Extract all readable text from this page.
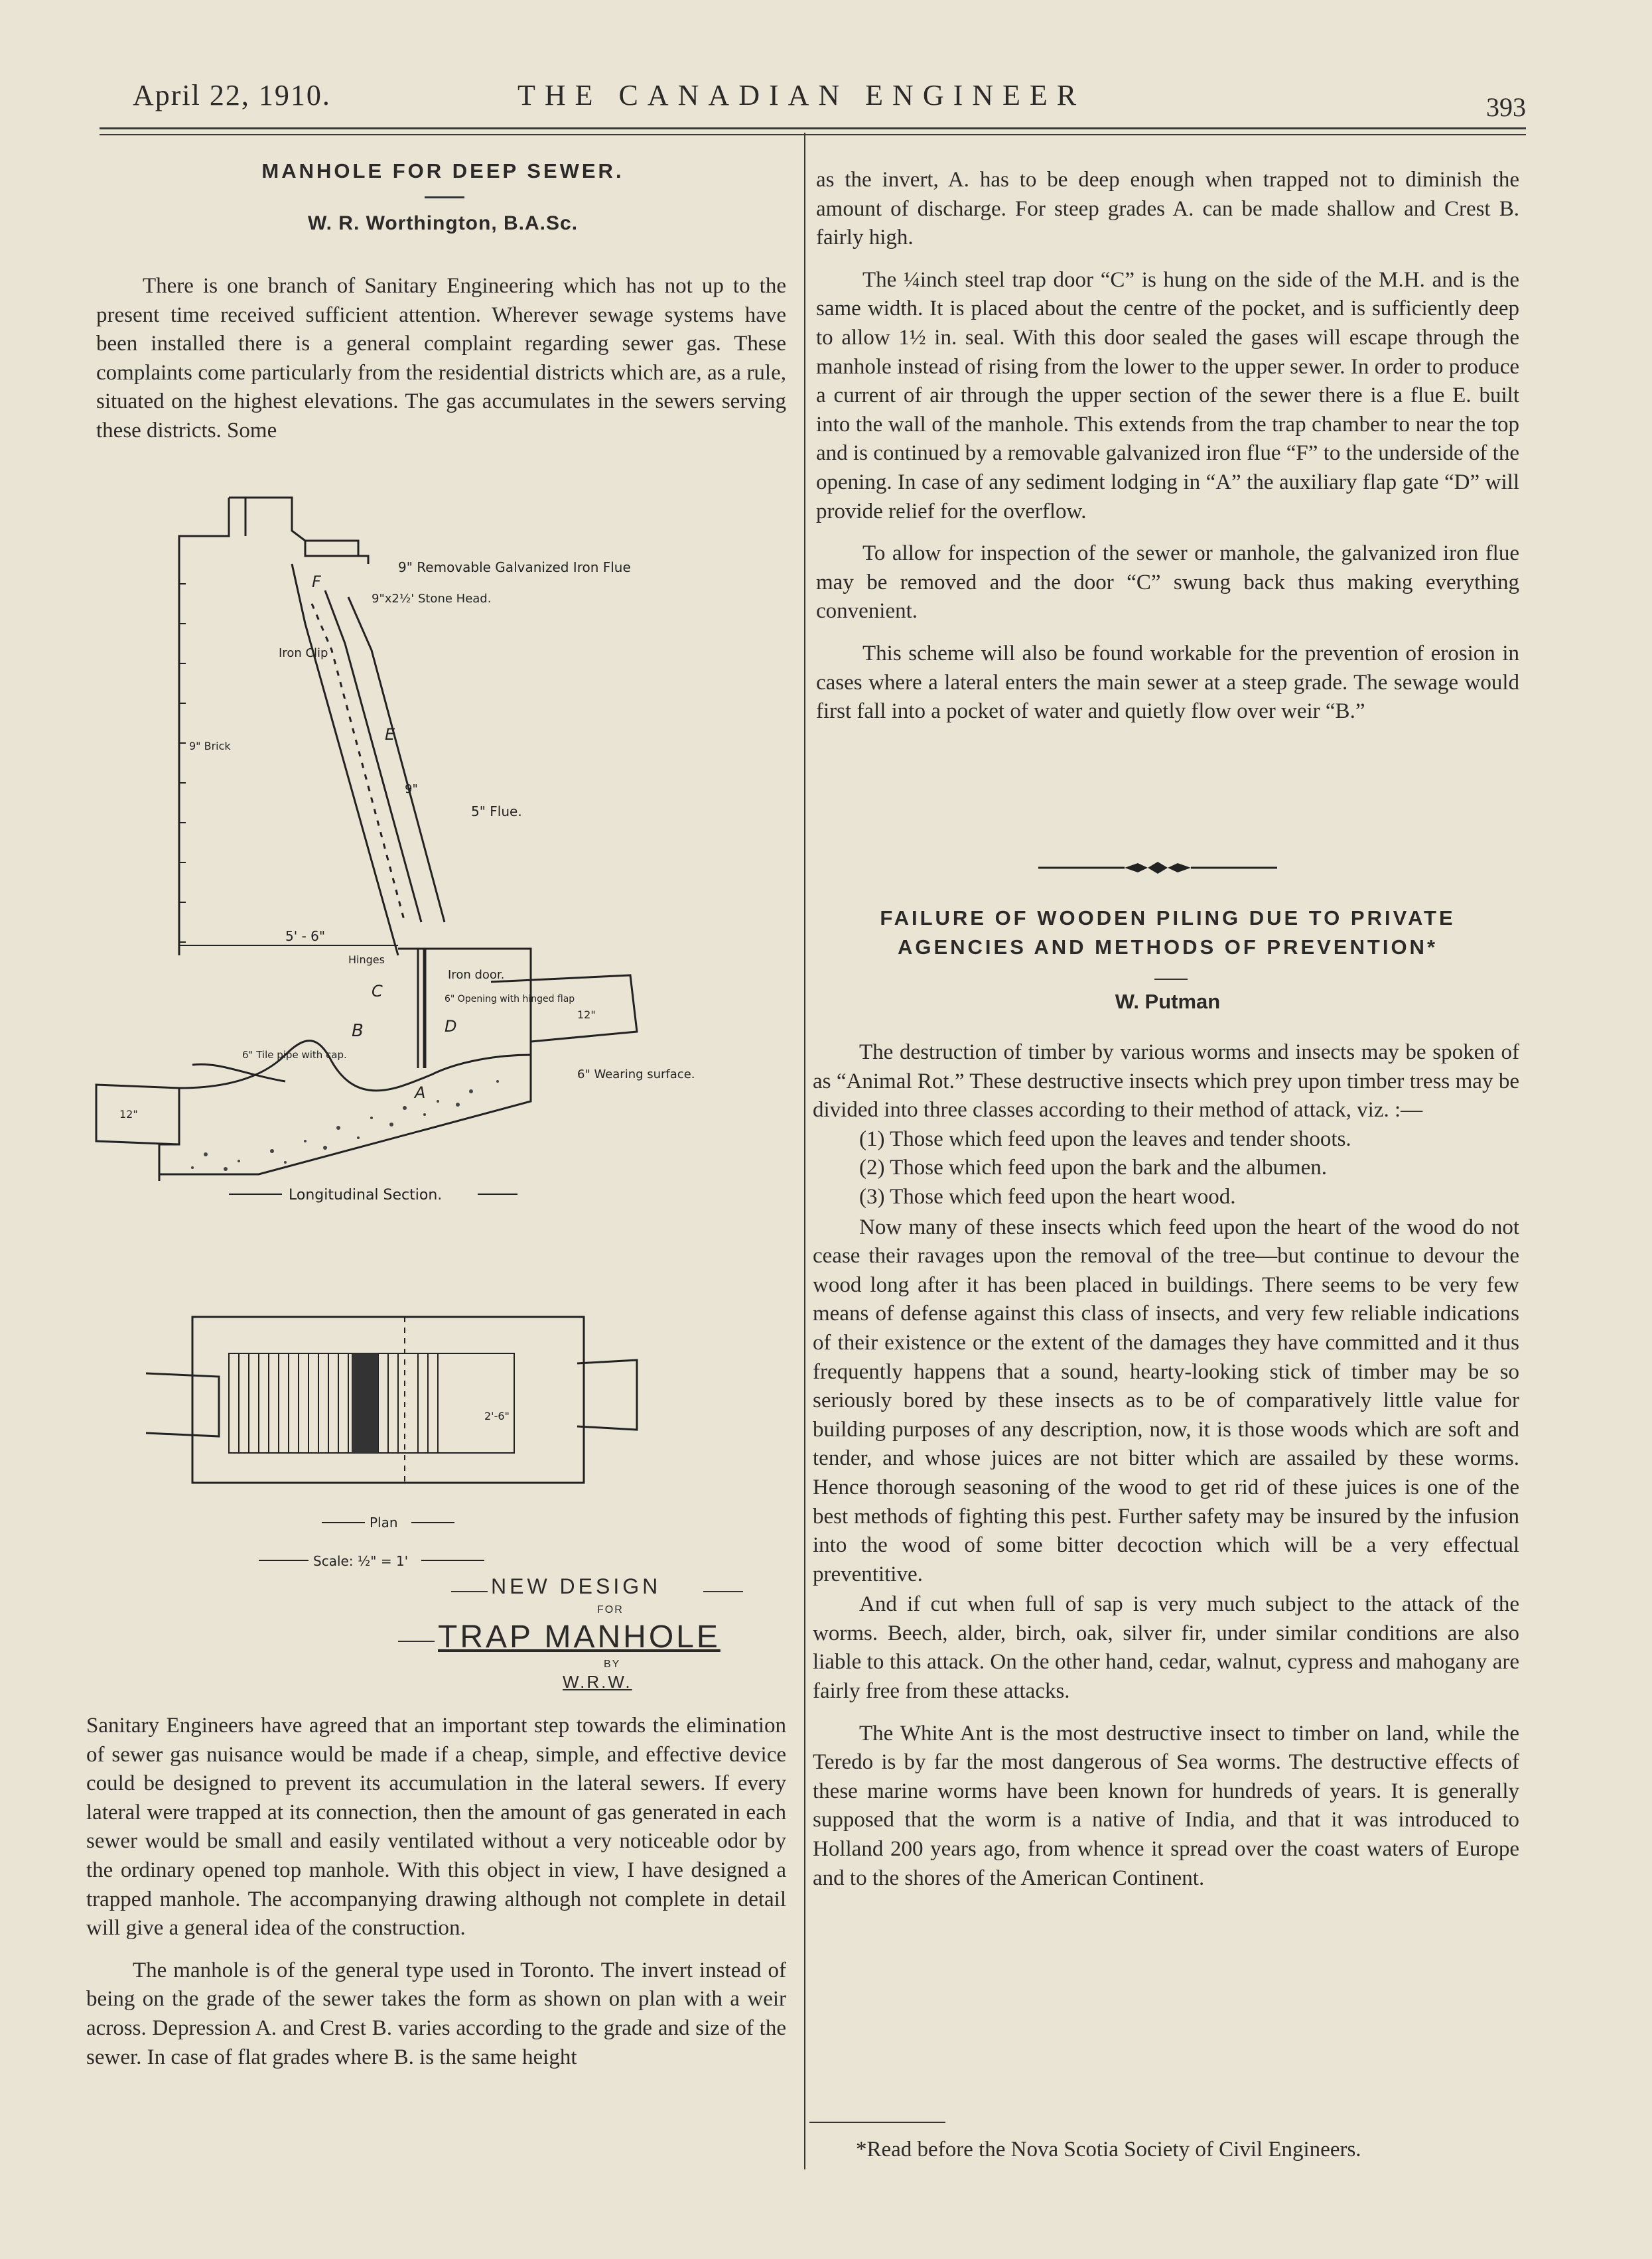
April 22, 1910.	THE CANADIAN ENGINEER	393
MANHOLE FOR DEEP SEWER.
W. R. Worthington, B.A.Sc.

There is one branch of Sanitary Engineering which has not up to the present time received sufficient attention. Wherever sewage systems have been installed there is a general complaint regarding sewer gas. These complaints come particularly from the residential districts which are, as a rule, situated on the highest elevations. The gas accumulates in the sewers serving these districts. Some

9" Removable Galvanized Iron Flue
9"x2½' Stone Head.
F
Iron Clip
E
9" Brick
9"
5" Flue.
5' - 6"
Hinges
Iron door.
C	6" Opening with hinged flap
D
B
A
6" Tile pipe with cap.
12"
12"
6" Wearing surface.
Longitudinal Section.
2'-6"
Plan
Scale: ½" = 1'
NEW DESIGN
FOR
TRAP MANHOLE
BY
W.R.W.

Sanitary Engineers have agreed that an important step towards the elimination of sewer gas nuisance would be made if a cheap, simple, and effective device could be designed to prevent its accumulation in the lateral sewers. If every lateral were trapped at its connection, then the amount of gas generated in each sewer would be small and easily ventilated without a very noticeable odor by the ordinary opened top manhole. With this object in view, I have designed a trapped manhole. The accompanying drawing although not complete in detail will give a general idea of the construction.

The manhole is of the general type used in Toronto. The invert instead of being on the grade of the sewer takes the form as shown on plan with a weir across. Depression A. and Crest B. varies according to the grade and size of the sewer. In case of flat grades where B. is the same height

as the invert, A. has to be deep enough when trapped not to diminish the amount of discharge. For steep grades A. can be made shallow and Crest B. fairly high.

The ¼inch steel trap door “C” is hung on the side of the M.H. and is the same width. It is placed about the centre of the pocket, and is sufficiently deep to allow 1½ in. seal. With this door sealed the gases will escape through the manhole instead of rising from the lower to the upper sewer. In order to produce a current of air through the upper section of the sewer there is a flue E. built into the wall of the manhole. This extends from the trap chamber to near the top and is continued by a removable galvanized iron flue “F” to the underside of the opening. In case of any sediment lodging in “A” the auxiliary flap gate “D” will provide relief for the overflow.

To allow for inspection of the sewer or manhole, the galvanized iron flue may be removed and the door “C” swung back thus making everything convenient.

This scheme will also be found workable for the prevention of erosion in cases where a lateral enters the main sewer at a steep grade. The sewage would first fall into a pocket of water and quietly flow over weir “B.”

FAILURE OF WOODEN PILING DUE TO PRIVATE AGENCIES AND METHODS OF PREVENTION*
W. Putman

The destruction of timber by various worms and insects may be spoken of as “Animal Rot.” These destructive insects which prey upon timber tress may be divided into three classes according to their method of attack, viz. :—

(1) Those which feed upon the leaves and tender shoots.
(2) Those which feed upon the bark and the albumen.
(3) Those which feed upon the heart wood.

Now many of these insects which feed upon the heart of the wood do not cease their ravages upon the removal of the tree—but continue to devour the wood long after it has been placed in buildings. There seems to be very few means of defense against this class of insects, and very few reliable indications of their existence or the extent of the damages they have committed and it thus frequently happens that a sound, hearty-looking stick of timber may be so seriously bored by these insects as to be of comparatively little value for building purposes of any description, now, it is those woods which are soft and tender, and whose juices are not bitter which are assailed by these worms. Hence thorough seasoning of the wood to get rid of these juices is one of the best methods of fighting this pest. Further safety may be insured by the infusion into the wood of some bitter decoction which will be a very effectual preventitive.

And if cut when full of sap is very much subject to the attack of the worms. Beech, alder, birch, oak, silver fir, under similar conditions are also liable to this attack. On the other hand, cedar, walnut, cypress and mahogany are fairly free from these attacks.

The White Ant is the most destructive insect to timber on land, while the Teredo is by far the most dangerous of Sea worms. The destructive effects of these marine worms have been known for hundreds of years. It is generally supposed that the worm is a native of India, and that it was introduced to Holland 200 years ago, from whence it spread over the coast waters of Europe and to the shores of the American Continent.

*Read before the Nova Scotia Society of Civil Engineers.
